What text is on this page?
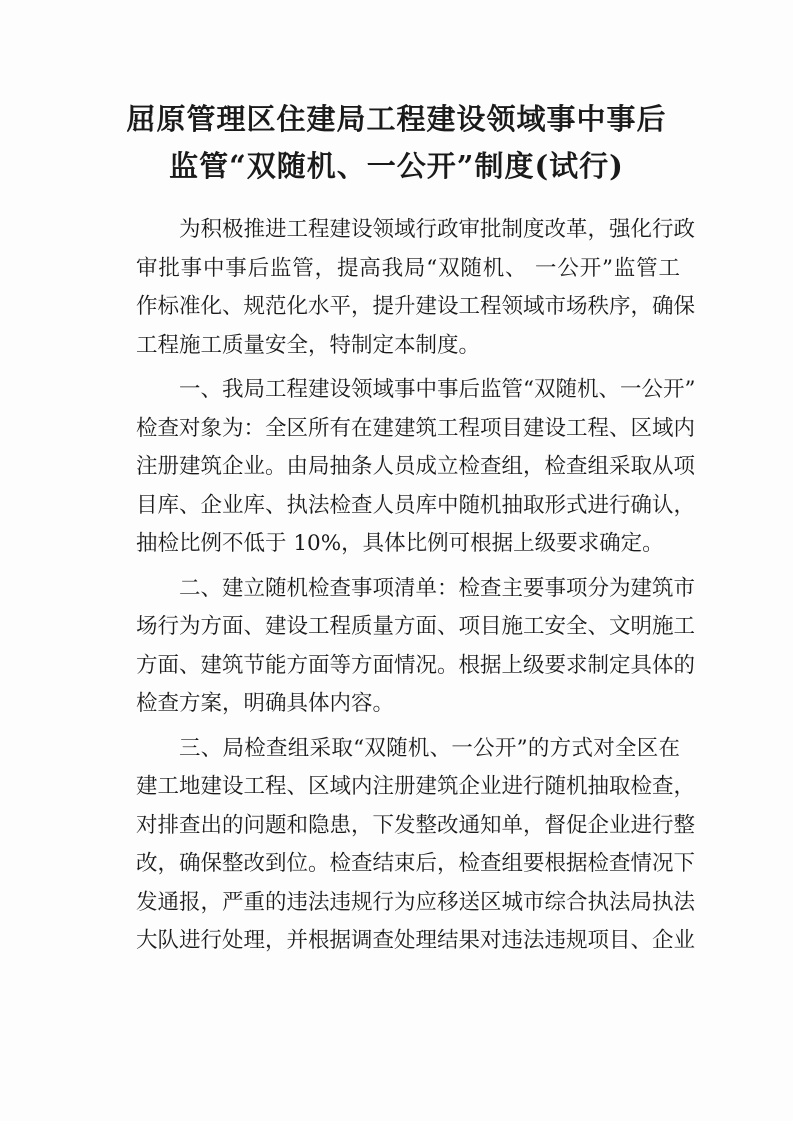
屈原管理区住建局工程建设领域事中事后
监管“双随机、一公开”制度(试行)
为积极推进工程建设领域行政审批制度改革，强化行政
审批事中事后监管，提高我局“双随机、 一公开”监管工
作标准化、规范化水平，提升建设工程领域市场秩序，确保
工程施工质量安全，特制定本制度。
一、我局工程建设领域事中事后监管“双随机、一公开”
检查对象为：全区所有在建建筑工程项目建设工程、区域内
注册建筑企业。由局抽条人员成立检查组，检查组采取从项
目库、企业库、执法检查人员库中随机抽取形式进行确认，
抽检比例不低于 10%，具体比例可根据上级要求确定。
二、建立随机检查事项清单：检查主要事项分为建筑市
场行为方面、建设工程质量方面、项目施工安全、文明施工
方面、建筑节能方面等方面情况。根据上级要求制定具体的
检查方案，明确具体内容。
三、局检查组采取“双随机、一公开”的方式对全区在
建工地建设工程、区域内注册建筑企业进行随机抽取检查，
对排查出的问题和隐患，下发整改通知单，督促企业进行整
改，确保整改到位。检查结束后，检查组要根据检查情况下
发通报，严重的违法违规行为应移送区城市综合执法局执法
大队进行处理，并根据调查处理结果对违法违规项目、企业
